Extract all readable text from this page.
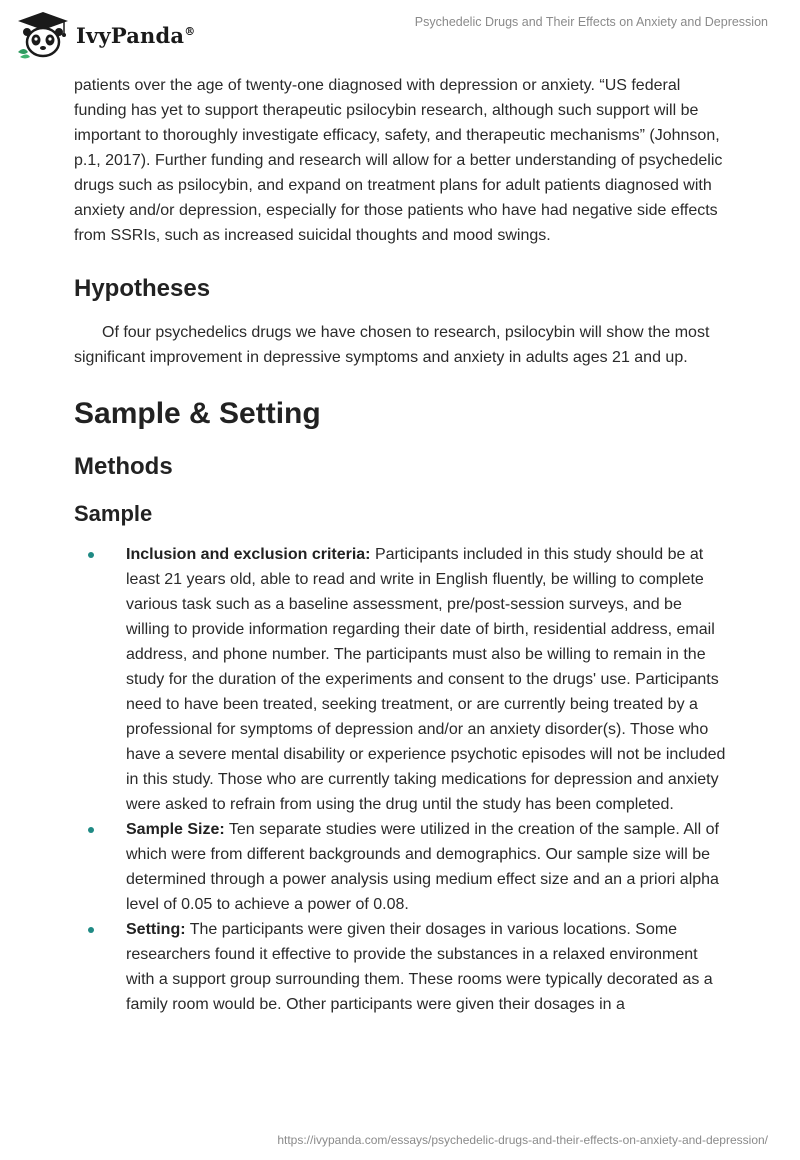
IvyPanda®
Psychedelic Drugs and Their Effects on Anxiety and Depression

patients over the age of twenty-one diagnosed with depression or anxiety. “US federal funding has yet to support therapeutic psilocybin research, although such support will be important to thoroughly investigate efficacy, safety, and therapeutic mechanisms” (Johnson, p.1, 2017). Further funding and research will allow for a better understanding of psychedelic drugs such as psilocybin, and expand on treatment plans for adult patients diagnosed with anxiety and/or depression, especially for those patients who have had negative side effects from SSRIs, such as increased suicidal thoughts and mood swings.

Hypotheses

Of four psychedelics drugs we have chosen to research, psilocybin will show the most significant improvement in depressive symptoms and anxiety in adults ages 21 and up.

Sample & Setting
Methods
Sample
Inclusion and exclusion criteria: Participants included in this study should be at least 21 years old, able to read and write in English fluently, be willing to complete various task such as a baseline assessment, pre/post-session surveys, and be willing to provide information regarding their date of birth, residential address, email address, and phone number. The participants must also be willing to remain in the study for the duration of the experiments and consent to the drugs' use. Participants need to have been treated, seeking treatment, or are currently being treated by a professional for symptoms of depression and/or an anxiety disorder(s). Those who have a severe mental disability or experience psychotic episodes will not be included in this study. Those who are currently taking medications for depression and anxiety were asked to refrain from using the drug until the study has been completed.
Sample Size: Ten separate studies were utilized in the creation of the sample. All of which were from different backgrounds and demographics. Our sample size will be determined through a power analysis using medium effect size and an a priori alpha level of 0.05 to achieve a power of 0.08.
Setting: The participants were given their dosages in various locations. Some researchers found it effective to provide the substances in a relaxed environment with a support group surrounding them. These rooms were typically decorated as a family room would be. Other participants were given their dosages in a
https://ivypanda.com/essays/psychedelic-drugs-and-their-effects-on-anxiety-and-depression/
